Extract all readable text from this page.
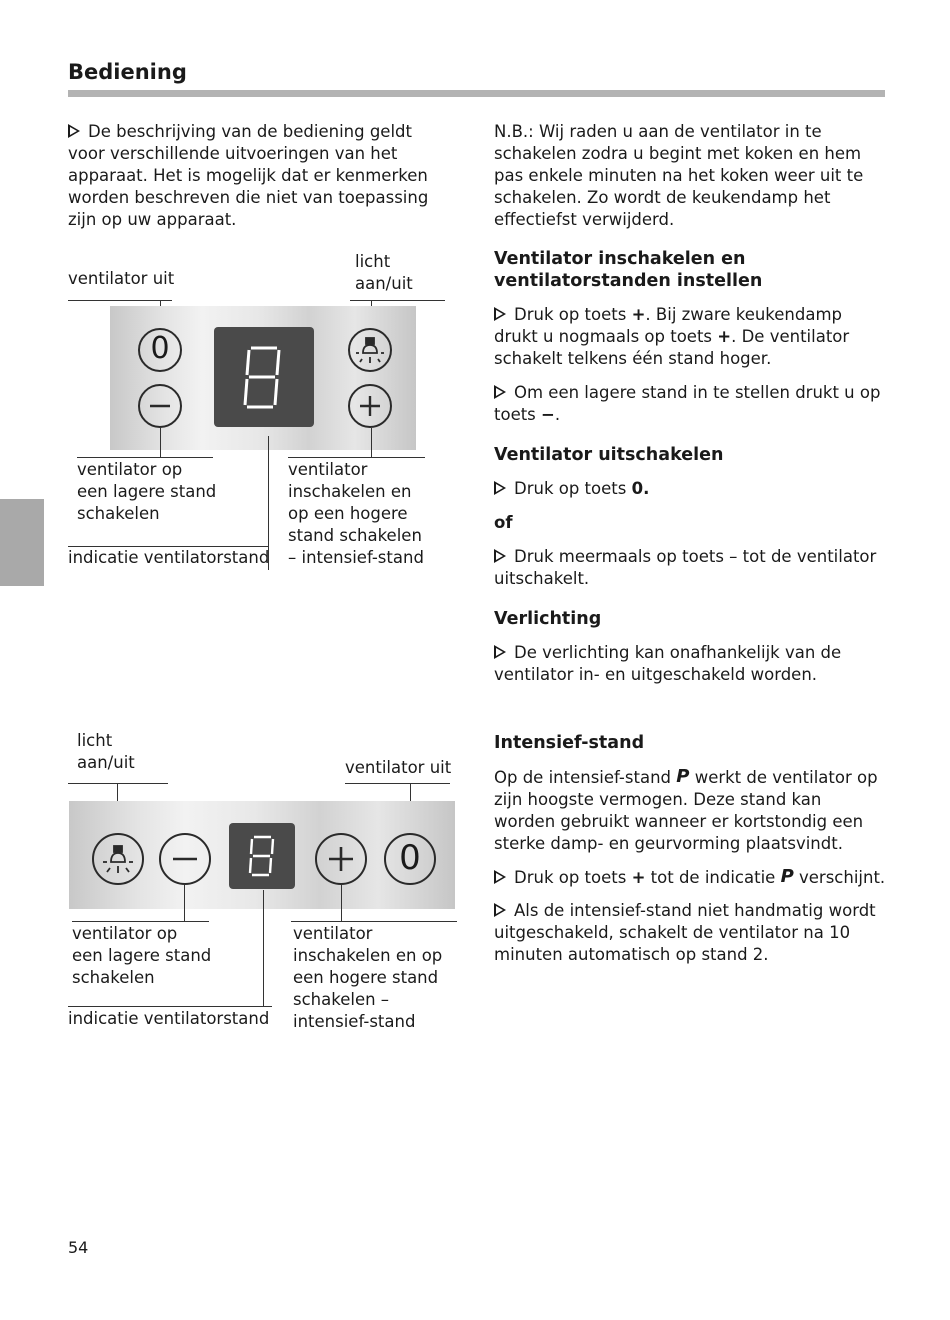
Bediening
De beschrijving van de bediening geldt voor verschillende uitvoeringen van het apparaat. Het is mogelijk dat er kenmerken worden beschreven die niet van toepassing zijn op uw apparaat.
ventilator uit
licht
aan/uit
0
ventilator op
een lagere stand
schakelen
ventilator
inschakelen en
op een hogere
stand schakelen
– intensief-stand
indicatie ventilatorstand
licht
aan/uit	ventilator uit
0
ventilator op
een lagere stand
schakelen
ventilator
inschakelen en op
een hogere stand
schakelen –
intensief-stand
indicatie ventilatorstand
N.B.: Wij raden u aan de ventilator in te schakelen zodra u begint met koken en hem pas enkele minuten na het koken weer uit te schakelen. Zo wordt de keukendamp het effectiefst verwijderd.
Ventilator inschakelen en ventilatorstanden instellen
Druk op toets +. Bij zware keukendamp drukt u nogmaals op toets +. De ventilator schakelt telkens één stand hoger.
Om een lagere stand in te stellen drukt u op toets −.
Ventilator uitschakelen
Druk op toets 0.
of
Druk meermaals op toets – tot de ventilator uitschakelt.
Verlichting
De verlichting kan onafhankelijk van de ventilator in- en uitgeschakeld worden.
Intensief-stand
Op de intensief-stand P werkt de ventilator op zijn hoogste vermogen. Deze stand kan worden gebruikt wanneer er kortstondig een sterke damp- en geurvorming plaatsvindt.
Druk op toets + tot de indicatie P verschijnt.
Als de intensief-stand niet handmatig wordt uitgeschakeld, schakelt de ventilator na 10 minuten automatisch op stand 2.
54
